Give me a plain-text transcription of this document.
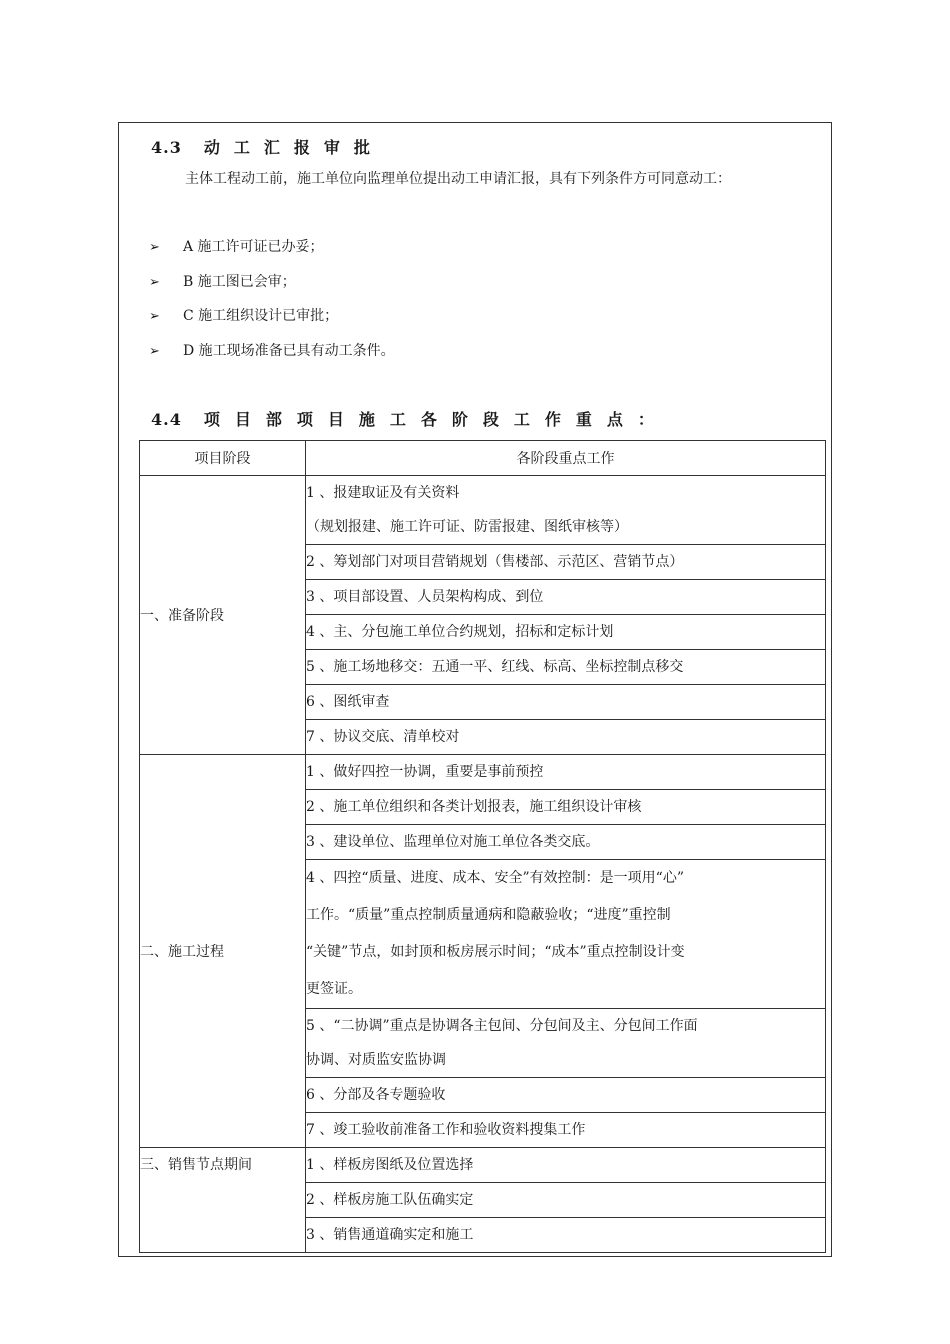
4.3 动工汇报审批
主体工程动工前，施工单位向监理单位提出动工申请汇报，具有下列条件方可同意动工：
➢ A 施工许可证已办妥；
➢ B 施工图已会审；
➢ C 施工组织设计已审批；
➢ D 施工现场准备已具有动工条件。
4.4 项目部项目施工各阶段工作重点：
项目阶段	各阶段重点工作
一、准备阶段	1 、报建取证及有关资料
（规划报建、施工许可证、防雷报建、图纸审核等）

	2 、筹划部门对项目营销规划（售楼部、示范区、营销节点）

	3 、项目部设置、人员架构构成、到位

	4 、主、分包施工单位合约规划，招标和定标计划

	5 、施工场地移交：五通一平、红线、标高、坐标控制点移交

	6 、图纸审查

	7 、协议交底、清单校对

二、施工过程	1 、做好四控一协调，重要是事前预控

	2 、施工单位组织和各类计划报表，施工组织设计审核

	3 、建设单位、监理单位对施工单位各类交底。

	4 、四控“质量、进度、成本、安全”有效控制：是一项用“心”
工作。“质量”重点控制质量通病和隐蔽验收；“进度”重控制
“关键”节点，如封顶和板房展示时间；“成本”重点控制设计变
更签证。

	5 、“二协调”重点是协调各主包间、分包间及主、分包间工作面
协调、对质监安监协调

	6 、分部及各专题验收

	7 、竣工验收前准备工作和验收资料搜集工作

三、销售节点期间	1 、样板房图纸及位置选择

	2 、样板房施工队伍确实定

	3 、销售通道确实定和施工
